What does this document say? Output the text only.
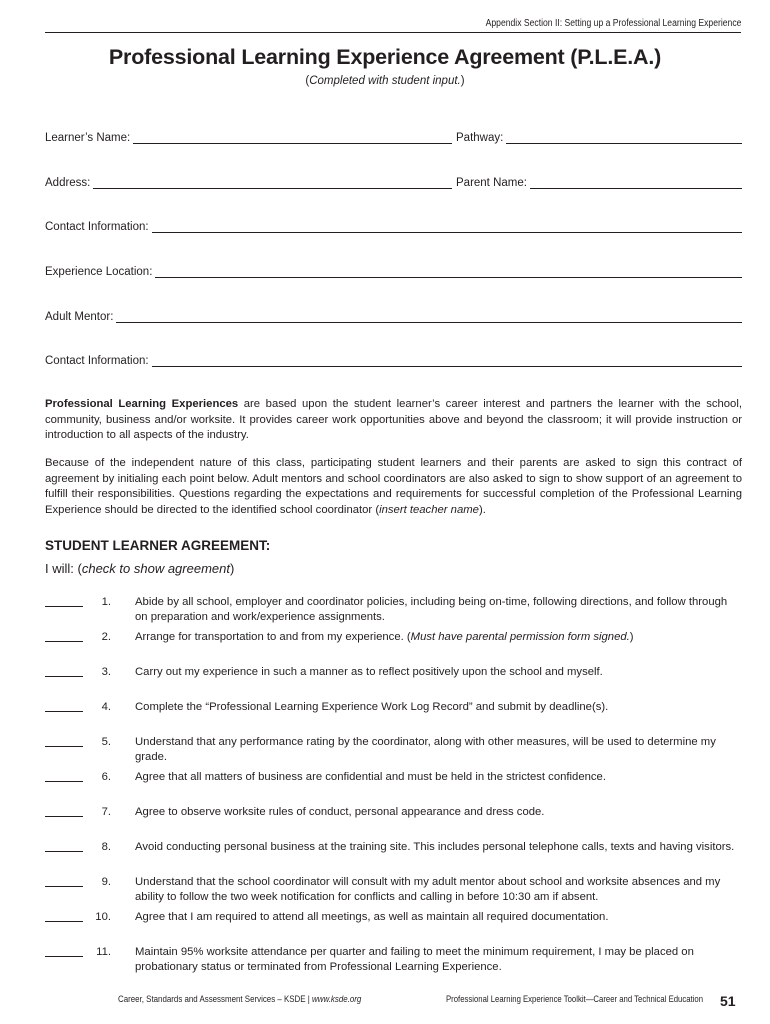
Appendix Section II: Setting up a Professional Learning Experience
Professional Learning Experience Agreement (P.L.E.A.)
(Completed with student input.)
Learner’s Name:	Pathway:
Address:	Parent Name:
Contact Information:
Experience Location:
Adult Mentor:
Contact Information:
Professional Learning Experiences are based upon the student learner’s career interest and partners the learner with the school, community, business and/or worksite. It provides career work opportunities above and beyond the classroom; it will provide instruction or introduction to all aspects of the industry.
Because of the independent nature of this class, participating student learners and their parents are asked to sign this contract of agreement by initialing each point below. Adult mentors and school coordinators are also asked to sign to show support of an agreement to fulfill their responsibilities. Questions regarding the expectations and requirements for successful completion of the Professional Learning Experience should be directed to the identified school coordinator (insert teacher name).
STUDENT LEARNER AGREEMENT:
I will: (check to show agreement)
1.	Abide by all school, employer and coordinator policies, including being on-time, following directions, and follow through on preparation and work/experience assignments.
2.	Arrange for transportation to and from my experience. (Must have parental permission form signed.)
3.	Carry out my experience in such a manner as to reflect positively upon the school and myself.
4.	Complete the “Professional Learning Experience Work Log Record” and submit by deadline(s).
5.	Understand that any performance rating by the coordinator, along with other measures, will be used to determine my grade.
6.	Agree that all matters of business are confidential and must be held in the strictest confidence.
7.	Agree to observe worksite rules of conduct, personal appearance and dress code.
8.	Avoid conducting personal business at the training site. This includes personal telephone calls, texts and having visitors.
9.	Understand that the school coordinator will consult with my adult mentor about school and worksite absences and my ability to follow the two week notification for conflicts and calling in before 10:30 am if absent.
10.	Agree that I am required to attend all meetings, as well as maintain all required documentation.
11.	Maintain 95% worksite attendance per quarter and failing to meet the minimum requirement, I may be placed on probationary status or terminated from Professional Learning Experience.
Career, Standards and Assessment Services – KSDE | www.ksde.org	Professional Learning Experience Toolkit—Career and Technical Education 51
